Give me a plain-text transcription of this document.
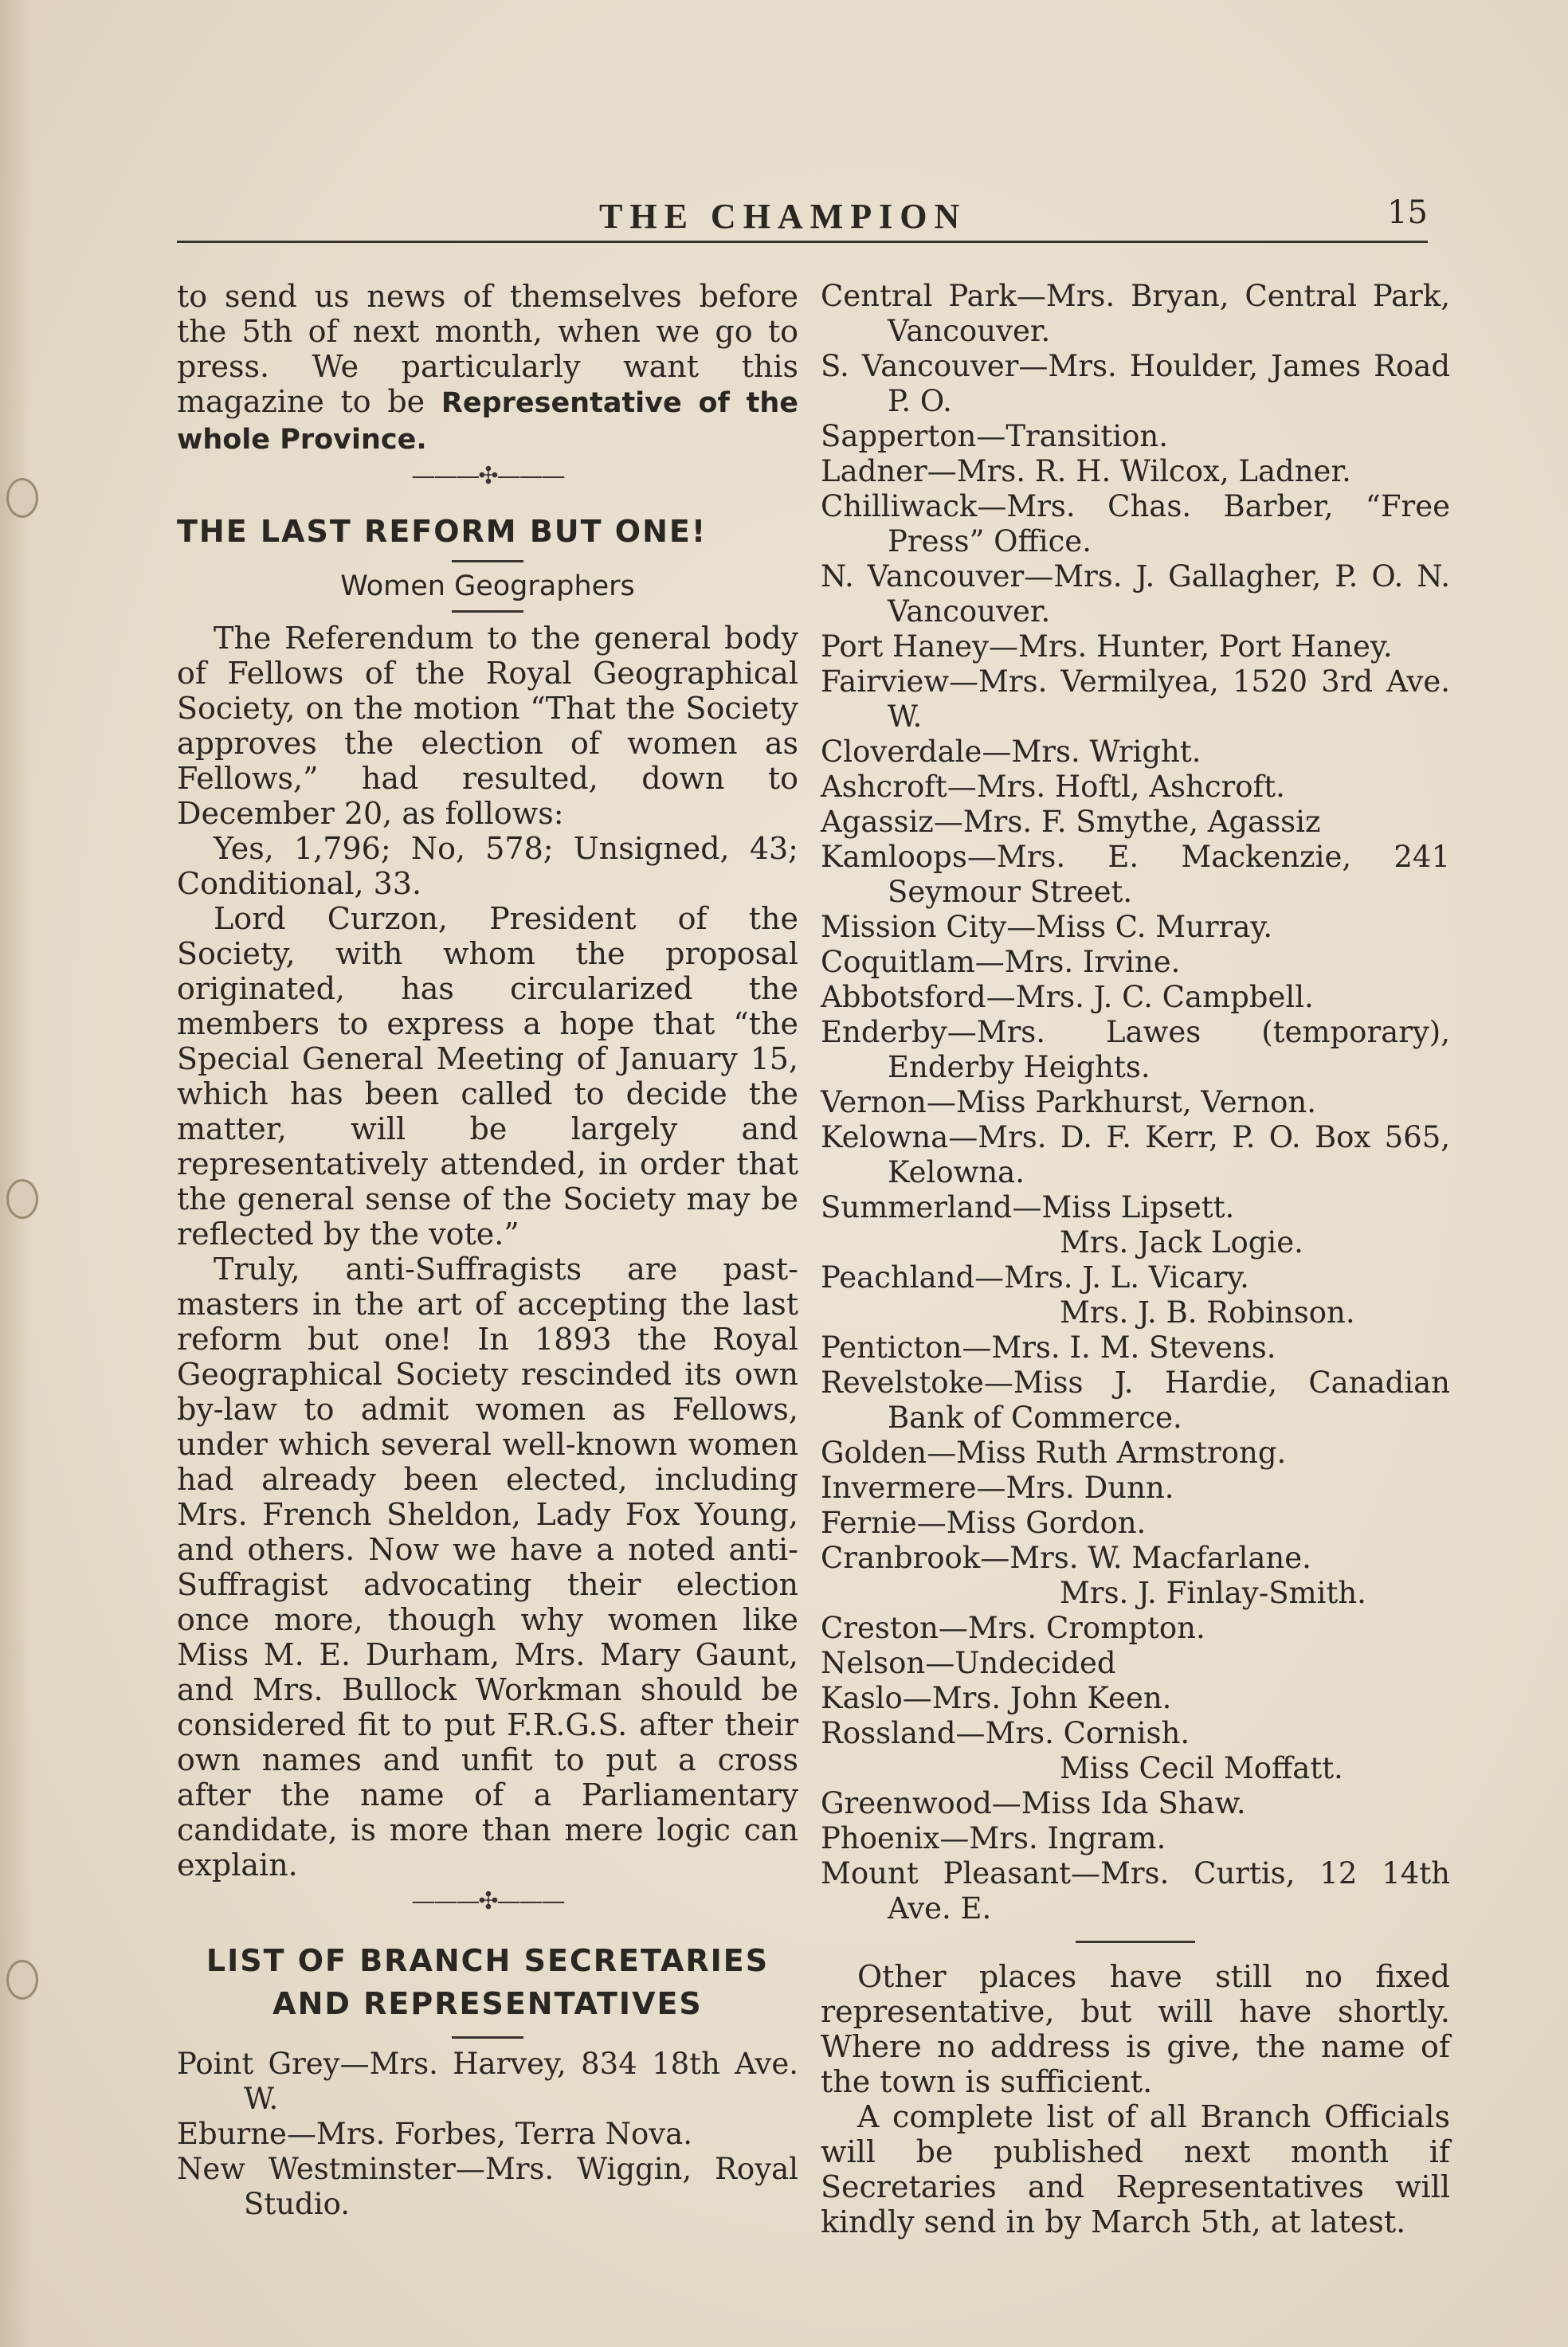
THE CHAMPION	15

to send us news of themselves before the 5th of next month, when we go to press. We particularly want this magazine to be Representative of the whole Province.

———✣———
THE LAST REFORM BUT ONE!
Women Geographers

The Referendum to the general body of Fellows of the Royal Geographical Society, on the motion “That the Society approves the election of women as Fellows,” had resulted, down to December 20, as follows:

Yes, 1,796; No, 578; Unsigned, 43; Conditional, 33.

Lord Curzon, President of the Society, with whom the proposal originated, has circularized the members to express a hope that “the Special General Meeting of January 15, which has been called to decide the matter, will be largely and representatively attended, in order that the general sense of the Society may be reflected by the vote.”

Truly, anti-Suffragists are past-masters in the art of accepting the last reform but one! In 1893 the Royal Geographical Society rescinded its own by-law to admit women as Fellows, under which several well-known women had already been elected, including Mrs. French Sheldon, Lady Fox Young, and others. Now we have a noted anti-Suffragist advocating their election once more, though why women like Miss M. E. Durham, Mrs. Mary Gaunt, and Mrs. Bullock Workman should be considered fit to put F.R.G.S. after their own names and unfit to put a cross after the name of a Parliamentary candidate, is more than mere logic can explain.

———✣———
LIST OF BRANCH SECRETARIES
AND REPRESENTATIVES

Point Grey—Mrs. Harvey, 834 18th Ave. W.

Eburne—Mrs. Forbes, Terra Nova.

New Westminster—Mrs. Wiggin, Royal Studio.

Central Park—Mrs. Bryan, Central Park, Vancouver.

S. Vancouver—Mrs. Houlder, James Road P. O.

Sapperton—Transition.

Ladner—Mrs. R. H. Wilcox, Ladner.

Chilliwack—Mrs. Chas. Barber, “Free Press” Office.

N. Vancouver—Mrs. J. Gallagher, P. O. N. Vancouver.

Port Haney—Mrs. Hunter, Port Haney.

Fairview—Mrs. Vermilyea, 1520 3rd Ave. W.

Cloverdale—Mrs. Wright.

Ashcroft—Mrs. Hoftl, Ashcroft.

Agassiz—Mrs. F. Smythe, Agassiz

Kamloops—Mrs. E. Mackenzie, 241 Seymour Street.

Mission City—Miss C. Murray.

Coquitlam—Mrs. Irvine.

Abbotsford—Mrs. J. C. Campbell.

Enderby—Mrs. Lawes (temporary), Enderby Heights.

Vernon—Miss Parkhurst, Vernon.

Kelowna—Mrs. D. F. Kerr, P. O. Box 565, Kelowna.

Summerland—Miss Lipsett.

Mrs. Jack Logie.

Peachland—Mrs. J. L. Vicary.

Mrs. J. B. Robinson.

Penticton—Mrs. I. M. Stevens.

Revelstoke—Miss J. Hardie, Canadian Bank of Commerce.

Golden—Miss Ruth Armstrong.

Invermere—Mrs. Dunn.

Fernie—Miss Gordon.

Cranbrook—Mrs. W. Macfarlane.

Mrs. J. Finlay-Smith.

Creston—Mrs. Crompton.

Nelson—Undecided

Kaslo—Mrs. John Keen.

Rossland—Mrs. Cornish.

Miss Cecil Moffatt.

Greenwood—Miss Ida Shaw.

Phoenix—Mrs. Ingram.

Mount Pleasant—Mrs. Curtis, 12 14th Ave. E.

Other places have still no fixed representative, but will have shortly. Where no address is give, the name of the town is sufficient.

A complete list of all Branch Officials will be published next month if Secretaries and Representatives will kindly send in by March 5th, at latest.
